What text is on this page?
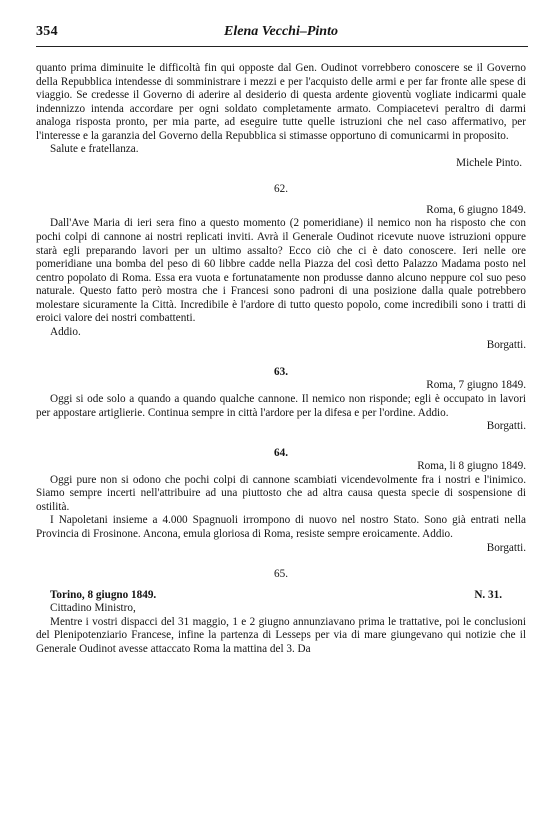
354	Elena Vecchi–Pinto

quanto prima diminuite le difficoltà fin qui opposte dal Gen. Oudinot vorrebbero conoscere se il Governo della Repubblica intendesse di somministrare i mezzi e per l'acquisto delle armi e per far fronte alle spese di viaggio. Se credesse il Governo di aderire al desiderio di questa ardente gioventù vogliate indicarmi quale indennizzo intenda accordare per ogni soldato completamente armato. Compiacetevi peraltro di darmi analoga risposta pronto, per mia parte, ad eseguire tutte quelle istruzioni che nel caso affermativo, per l'interesse e la garanzia del Governo della Repubblica si stimasse opportuno di comunicarmi in proposito.

Salute e fratellanza.

Michele Pinto.

62.

Roma, 6 giugno 1849.

Dall'Ave Maria di ieri sera fino a questo momento (2 pomeridiane) il nemico non ha risposto che con pochi colpi di cannone ai nostri replicati inviti. Avrà il Generale Oudinot ricevute nuove istruzioni oppure starà egli preparando lavori per un ultimo assalto? Ecco ciò che ci è dato conoscere. Ieri nelle ore pomeridiane una bomba del peso di 60 libbre cadde nella Piazza del così detto Palazzo Madama posto nel centro popolato di Roma. Essa era vuota e fortunatamente non produsse danno alcuno neppure col suo peso naturale. Questo fatto però mostra che i Francesi sono padroni di una posizione dalla quale potrebbero molestare sicuramente la Città. Incredibile è l'ardore di tutto questo popolo, come incredibili sono i tratti di eroici valore dei nostri combattenti.

Addio.

Borgatti.

63.

Roma, 7 giugno 1849.

Oggi si ode solo a quando a quando qualche cannone. Il nemico non risponde; egli è occupato in lavori per appostare artiglierie. Continua sempre in città l'ardore per la difesa e per l'ordine. Addio.

Borgatti.

64.

Roma, li 8 giugno 1849.

Oggi pure non si odono che pochi colpi di cannone scambiati vicendevolmente fra i nostri e l'inimico. Siamo sempre incerti nell'attribuire ad una piuttosto che ad altra causa questa specie di sospensione di ostilità.

I Napoletani insieme a 4.000 Spagnuoli irrompono di nuovo nel nostro Stato. Sono già entrati nella Provincia di Frosinone. Ancona, emula gloriosa di Roma, resiste sempre eroicamente. Addio.

Borgatti.

65.

Torino, 8 giugno 1849.	N. 31.

Cittadino Ministro,

Mentre i vostri dispacci del 31 maggio, 1 e 2 giugno annunziavano prima le trattative, poi le conclusioni del Plenipotenziario Francese, infine la partenza di Lesseps per via di mare giungevano qui notizie che il Generale Oudinot avesse attaccato Roma la mattina del 3. Da
